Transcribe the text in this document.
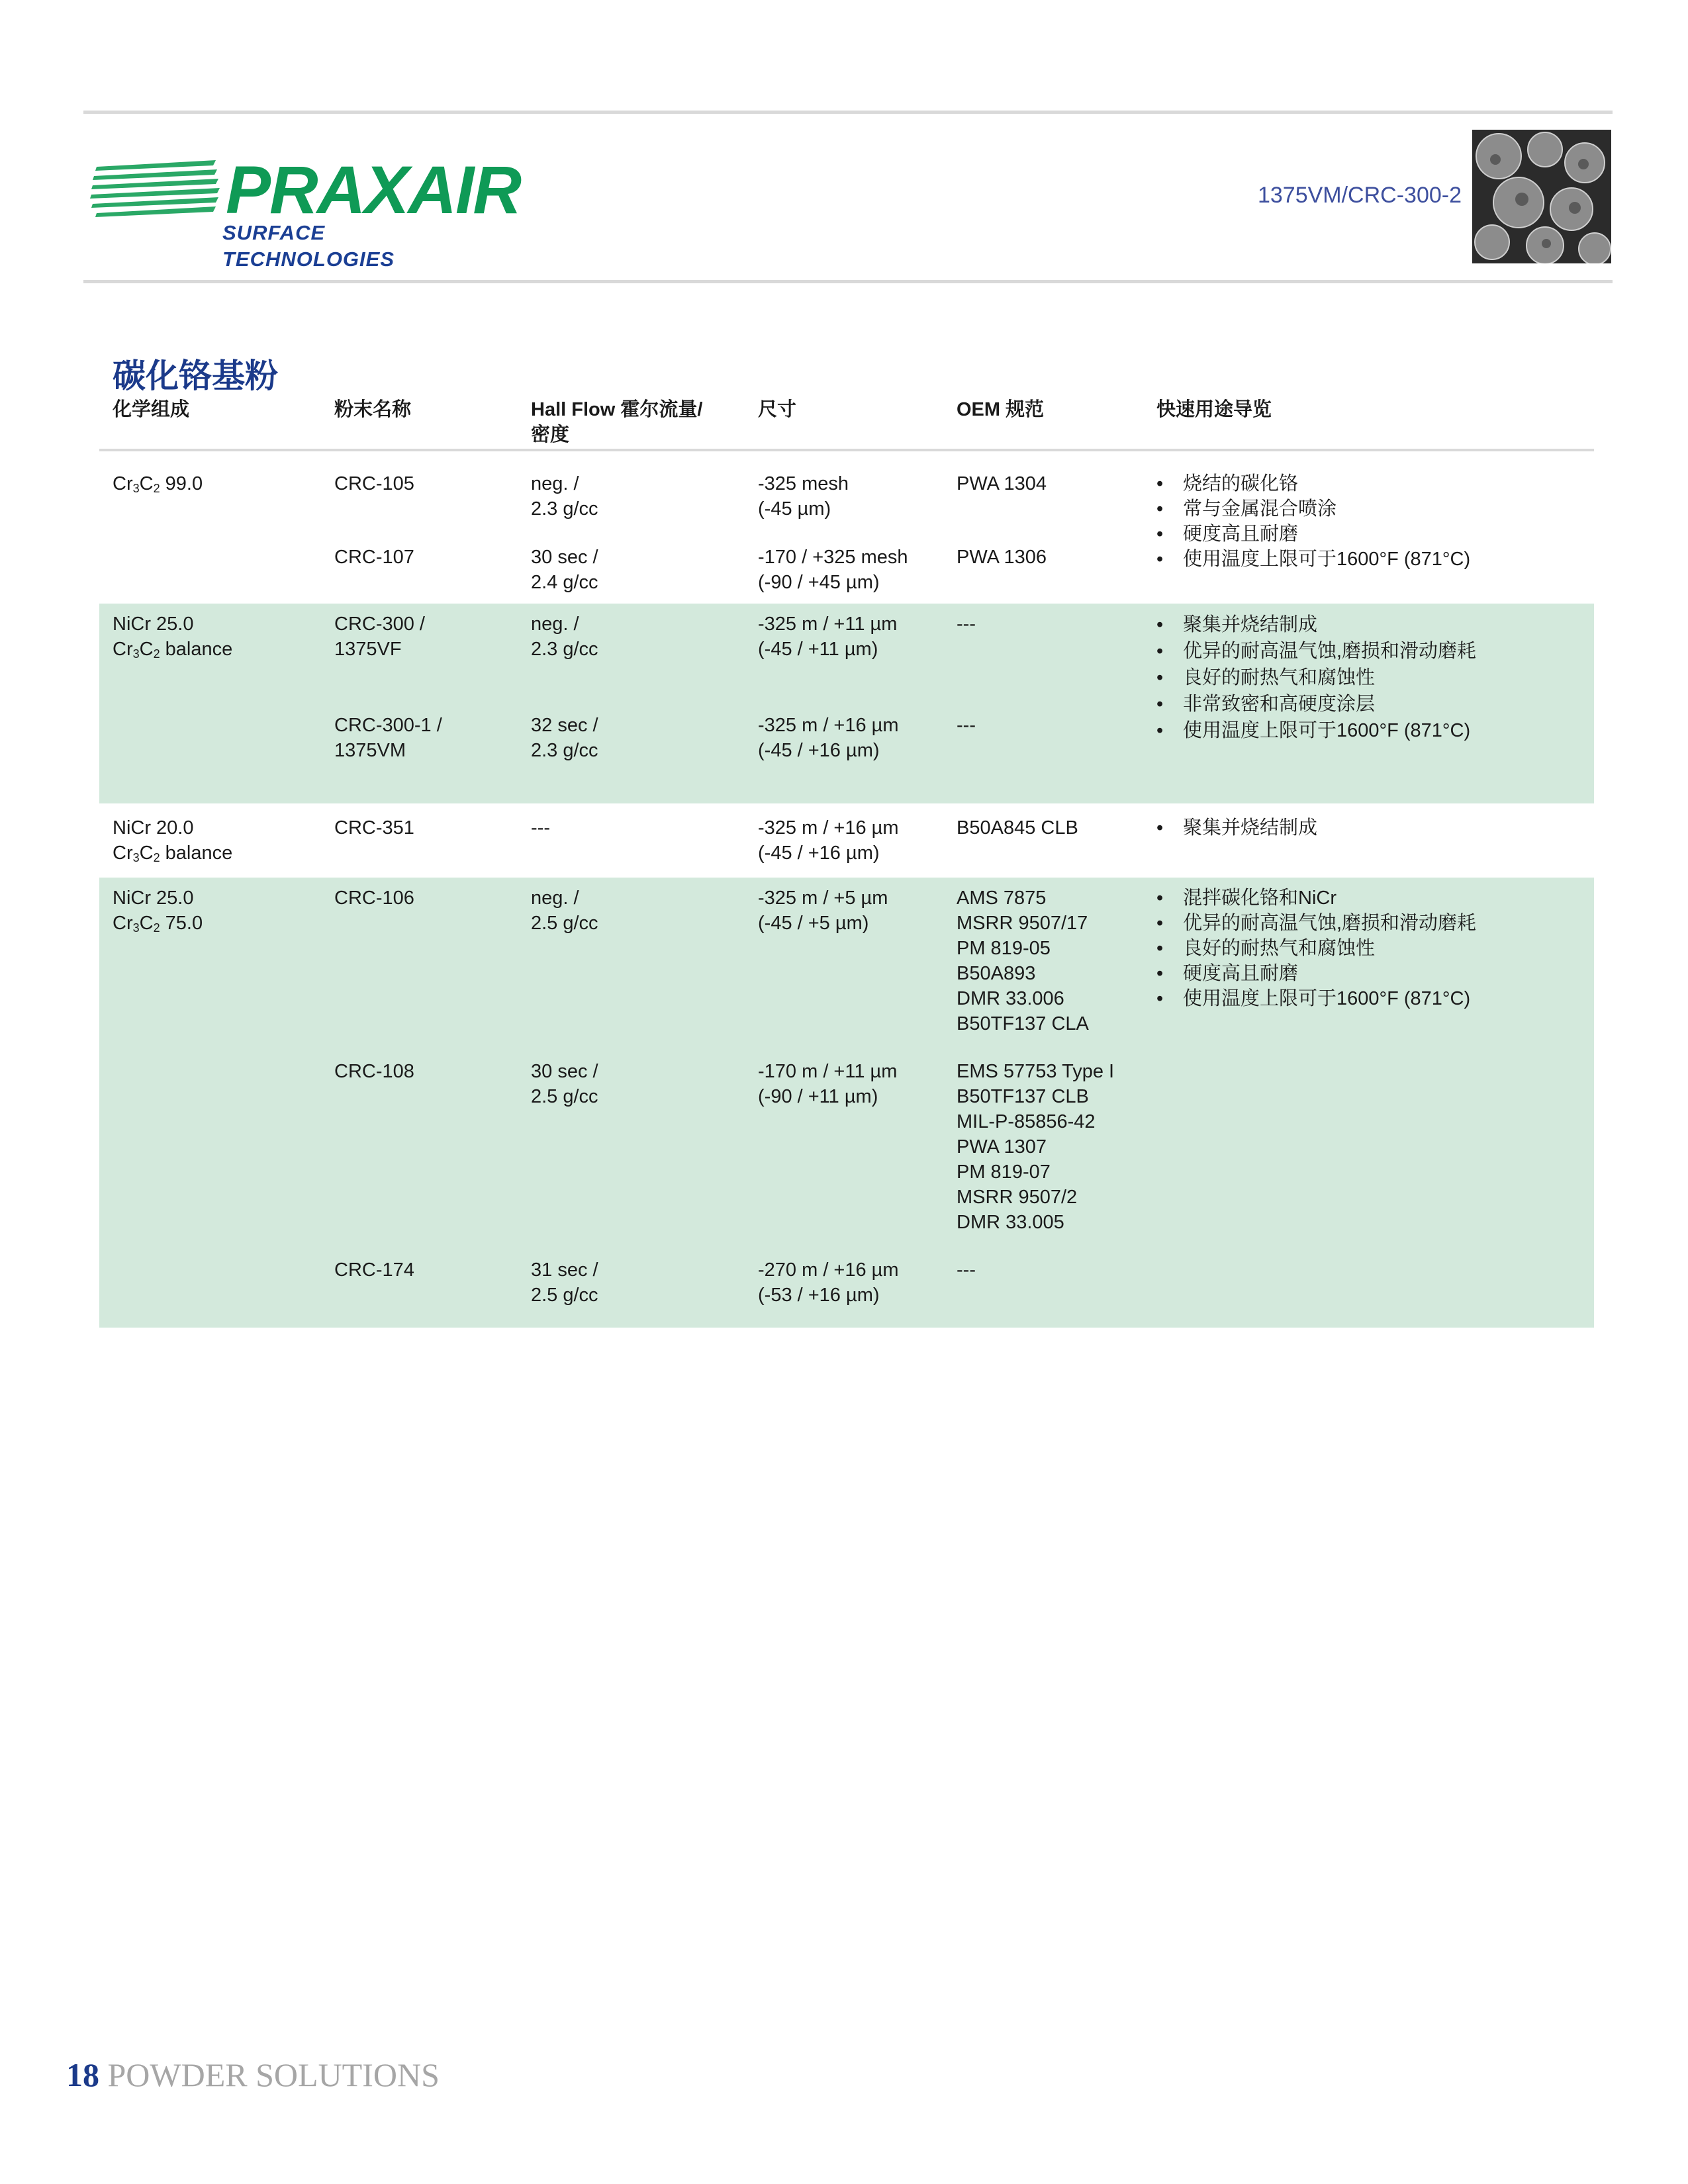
PRAXAIR
SURFACE TECHNOLOGIES
1375VM/CRC-300-2
碳化铬基粉
化学组成	粉末名称	Hall Flow 霍尔流量/
密度
尺寸	OEM 规范	快速用途导览
$Cr_3C_2$ 99.0	CRC-105	neg. /
2.3 g/cc
-325 mesh
(-45 µm)
PWA 1304
CRC-107	30 sec /
2.4 g/cc
-170 / +325 mesh
(-90 / +45 µm)
PWA 1306
• 烧结的碳化铬
• 常与金属混合喷涂
• 硬度高且耐磨
• 使用温度上限可于1600°F (871°C)
NiCr 25.0
$Cr_3C_2$ balance
CRC-300 /
1375VF
neg. /
2.3 g/cc
-325 m / +11 µm
(-45 / +11 µm)
---
CRC-300-1 /
1375VM
32 sec /
2.3 g/cc
-325 m / +16 µm
(-45 / +16 µm)
---
• 聚集并烧结制成
• 优异的耐高温气蚀,磨损和滑动磨耗
• 良好的耐热气和腐蚀性
• 非常致密和高硬度涂层
• 使用温度上限可于1600°F (871°C)
NiCr 20.0
$Cr_3C_2$ balance
CRC-351	---	-325 m / +16 µm
(-45 / +16 µm)
B50A845 CLB
•	聚集并烧结制成
NiCr 25.0
$Cr_3C_2$ 75.0
CRC-106	neg. /
2.5 g/cc
-325 m / +5 µm
(-45 / +5 µm)
AMS 7875
MSRR 9507/17
PM 819-05
B50A893
DMR 33.006
B50TF137 CLA
CRC-108	30 sec /
2.5 g/cc
-170 m / +11 µm
(-90 / +11 µm)
EMS 57753 Type I
B50TF137 CLB
MIL-P-85856-42
PWA 1307
PM 819-07
MSRR 9507/2
DMR 33.005
CRC-174	31 sec /
2.5 g/cc
-270 m / +16 µm
(-53 / +16 µm)
---
• 混拌碳化铬和NiCr
• 优异的耐高温气蚀,磨损和滑动磨耗
• 良好的耐热气和腐蚀性
• 硬度高且耐磨
• 使用温度上限可于1600°F (871°C)
18 POWDER SOLUTIONS
